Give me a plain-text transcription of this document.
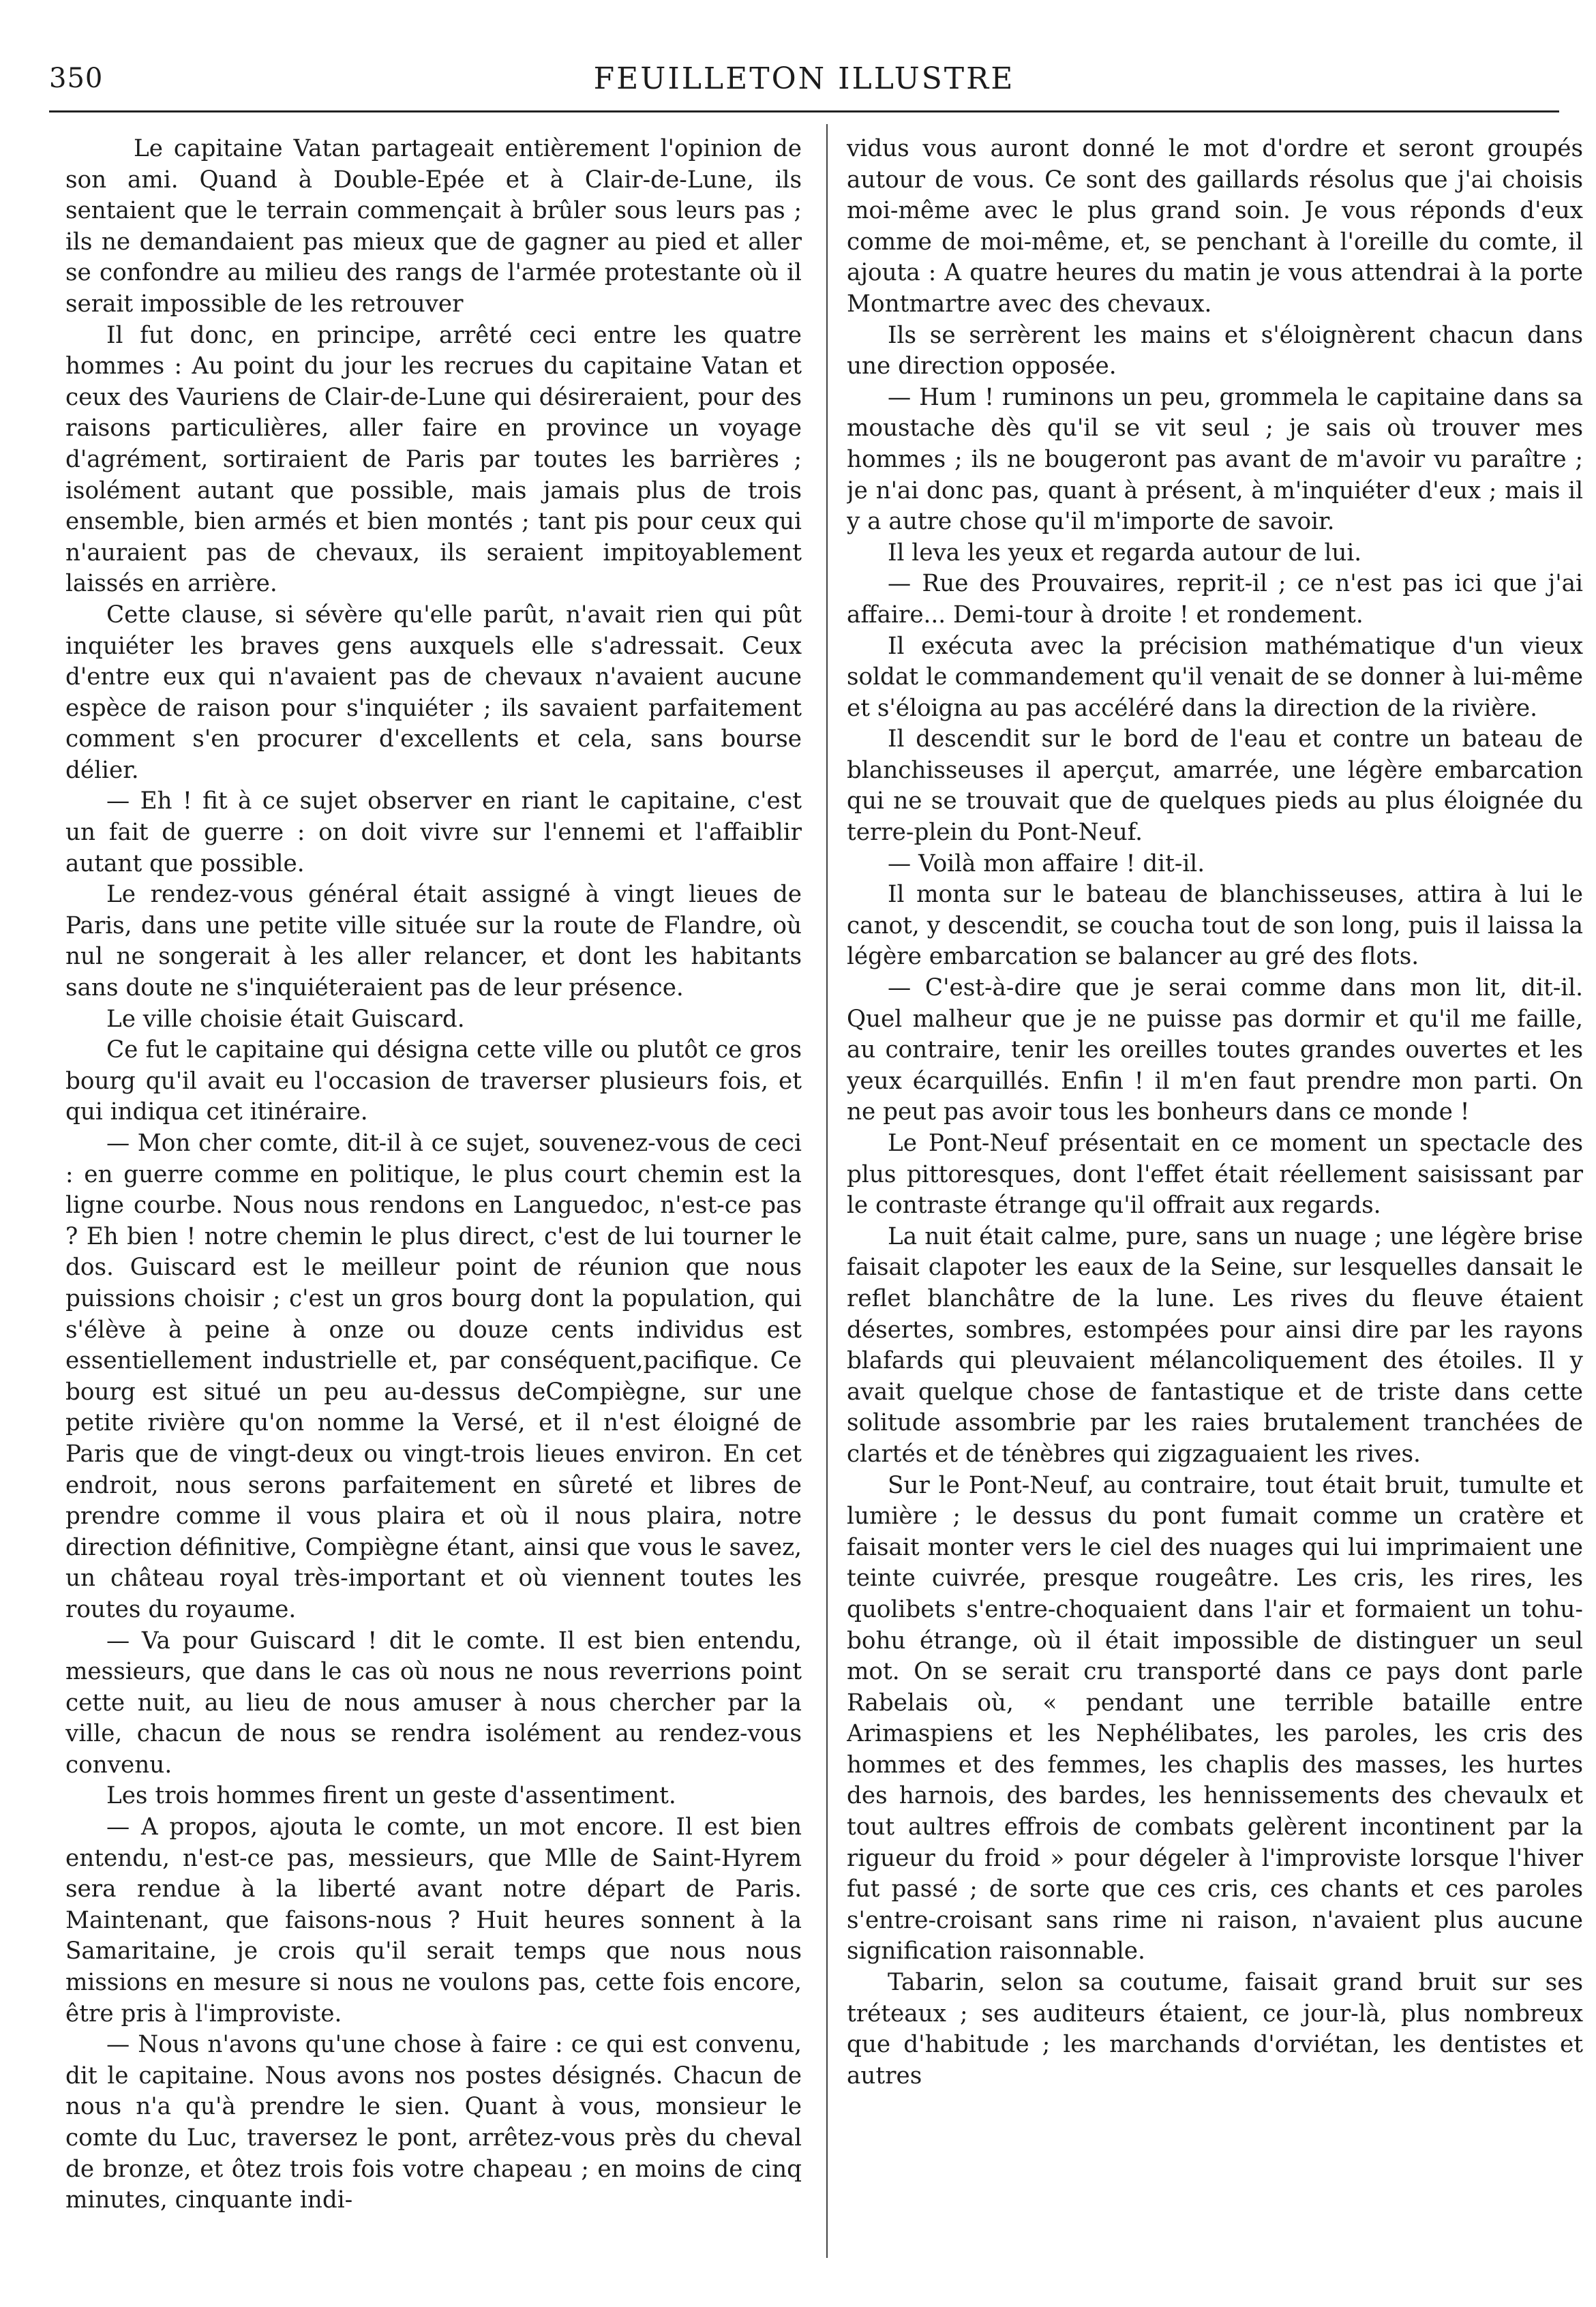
350	FEUILLETON ILLUSTRE

Le capitaine Vatan partageait entièrement l'opinion de son ami. Quand à Double-Epée et à Clair-de-Lune, ils sentaient que le terrain commençait à brûler sous leurs pas ; ils ne demandaient pas mieux que de gagner au pied et aller se confondre au milieu des rangs de l'armée protestante où il serait impossible de les retrouver

Il fut donc, en principe, arrêté ceci entre les quatre hommes : Au point du jour les recrues du capitaine Vatan et ceux des Vauriens de Clair-de-Lune qui désireraient, pour des raisons particulières, aller faire en province un voyage d'agrément, sortiraient de Paris par toutes les barrières ; isolément autant que possible, mais jamais plus de trois ensemble, bien armés et bien montés ; tant pis pour ceux qui n'auraient pas de chevaux, ils seraient impitoyablement laissés en arrière.

Cette clause, si sévère qu'elle parût, n'avait rien qui pût inquiéter les braves gens auxquels elle s'adressait. Ceux d'entre eux qui n'avaient pas de chevaux n'avaient aucune espèce de raison pour s'inquiéter ; ils savaient parfaitement comment s'en procurer d'excellents et cela, sans bourse délier.

— Eh ! fit à ce sujet observer en riant le capitaine, c'est un fait de guerre : on doit vivre sur l'ennemi et l'affaiblir autant que possible.

Le rendez-vous général était assigné à vingt lieues de Paris, dans une petite ville située sur la route de Flandre, où nul ne songerait à les aller relancer, et dont les habitants sans doute ne s'inquiéteraient pas de leur présence.

Le ville choisie était Guiscard.

Ce fut le capitaine qui désigna cette ville ou plutôt ce gros bourg qu'il avait eu l'occasion de traverser plusieurs fois, et qui indiqua cet itinéraire.

— Mon cher comte, dit-il à ce sujet, souvenez-vous de ceci : en guerre comme en politique, le plus court chemin est la ligne courbe. Nous nous rendons en Languedoc, n'est-ce pas ? Eh bien ! notre chemin le plus direct, c'est de lui tourner le dos. Guiscard est le meilleur point de réunion que nous puissions choisir ; c'est un gros bourg dont la population, qui s'élève à peine à onze ou douze cents individus est essentiellement industrielle et, par conséquent,pacifique. Ce bourg est situé un peu au-dessus deCompiègne, sur une petite rivière qu'on nomme la Versé, et il n'est éloigné de Paris que de vingt-deux ou vingt-trois lieues environ. En cet endroit, nous serons parfaitement en sûreté et libres de prendre comme il vous plaira et où il nous plaira, notre direction définitive, Compiègne étant, ainsi que vous le savez, un château royal très-important et où viennent toutes les routes du royaume.

— Va pour Guiscard ! dit le comte. Il est bien entendu, messieurs, que dans le cas où nous ne nous reverrions point cette nuit, au lieu de nous amuser à nous chercher par la ville, chacun de nous se rendra isolément au rendez-vous convenu.

Les trois hommes firent un geste d'assentiment.

— A propos, ajouta le comte, un mot encore. Il est bien entendu, n'est-ce pas, messieurs, que Mlle de Saint-Hyrem sera rendue à la liberté avant notre départ de Paris. Maintenant, que faisons-nous ? Huit heures sonnent à la Samaritaine, je crois qu'il serait temps que nous nous missions en mesure si nous ne voulons pas, cette fois encore, être pris à l'improviste.

— Nous n'avons qu'une chose à faire : ce qui est convenu, dit le capitaine. Nous avons nos postes désignés. Chacun de nous n'a qu'à prendre le sien. Quant à vous, monsieur le comte du Luc, traversez le pont, arrêtez-vous près du cheval de bronze, et ôtez trois fois votre chapeau ; en moins de cinq minutes, cinquante indi-

vidus vous auront donné le mot d'ordre et seront groupés autour de vous. Ce sont des gaillards résolus que j'ai choisis moi-même avec le plus grand soin. Je vous réponds d'eux comme de moi-même, et, se penchant à l'oreille du comte, il ajouta : A quatre heures du matin je vous attendrai à la porte Montmartre avec des chevaux.

Ils se serrèrent les mains et s'éloignèrent chacun dans une direction opposée.

— Hum ! ruminons un peu, grommela le capitaine dans sa moustache dès qu'il se vit seul ; je sais où trouver mes hommes ; ils ne bougeront pas avant de m'avoir vu paraître ; je n'ai donc pas, quant à présent, à m'inquiéter d'eux ; mais il y a autre chose qu'il m'importe de savoir.

Il leva les yeux et regarda autour de lui.

— Rue des Prouvaires, reprit-il ; ce n'est pas ici que j'ai affaire... Demi-tour à droite ! et rondement.

Il exécuta avec la précision mathématique d'un vieux soldat le commandement qu'il venait de se donner à lui-même et s'éloigna au pas accéléré dans la direction de la rivière.

Il descendit sur le bord de l'eau et contre un bateau de blanchisseuses il aperçut, amarrée, une légère embarcation qui ne se trouvait que de quelques pieds au plus éloignée du terre-plein du Pont-Neuf.

— Voilà mon affaire ! dit-il.

Il monta sur le bateau de blanchisseuses, attira à lui le canot, y descendit, se coucha tout de son long, puis il laissa la légère embarcation se balancer au gré des flots.

— C'est-à-dire que je serai comme dans mon lit, dit-il. Quel malheur que je ne puisse pas dormir et qu'il me faille, au contraire, tenir les oreilles toutes grandes ouvertes et les yeux écarquillés. Enfin ! il m'en faut prendre mon parti. On ne peut pas avoir tous les bonheurs dans ce monde !

Le Pont-Neuf présentait en ce moment un spectacle des plus pittoresques, dont l'effet était réellement saisissant par le contraste étrange qu'il offrait aux regards.

La nuit était calme, pure, sans un nuage ; une légère brise faisait clapoter les eaux de la Seine, sur lesquelles dansait le reflet blanchâtre de la lune. Les rives du fleuve étaient désertes, sombres, estompées pour ainsi dire par les rayons blafards qui pleuvaient mélancoliquement des étoiles. Il y avait quelque chose de fantastique et de triste dans cette solitude assombrie par les raies brutalement tranchées de clartés et de ténèbres qui zigzaguaient les rives.

Sur le Pont-Neuf, au contraire, tout était bruit, tumulte et lumière ; le dessus du pont fumait comme un cratère et faisait monter vers le ciel des nuages qui lui imprimaient une teinte cuivrée, presque rougeâtre. Les cris, les rires, les quolibets s'entre-choquaient dans l'air et formaient un tohu-bohu étrange, où il était impossible de distinguer un seul mot. On se serait cru transporté dans ce pays dont parle Rabelais où, « pendant une terrible bataille entre Arimaspiens et les Nephélibates, les paroles, les cris des hommes et des femmes, les chaplis des masses, les hurtes des harnois, des bardes, les hennissements des chevaulx et tout aultres effrois de combats gelèrent incontinent par la rigueur du froid » pour dégeler à l'improviste lorsque l'hiver fut passé ; de sorte que ces cris, ces chants et ces paroles s'entre-croisant sans rime ni raison, n'avaient plus aucune signification raisonnable.

Tabarin, selon sa coutume, faisait grand bruit sur ses tréteaux ; ses auditeurs étaient, ce jour-là, plus nombreux que d'habitude ; les marchands d'orviétan, les dentistes et autres
